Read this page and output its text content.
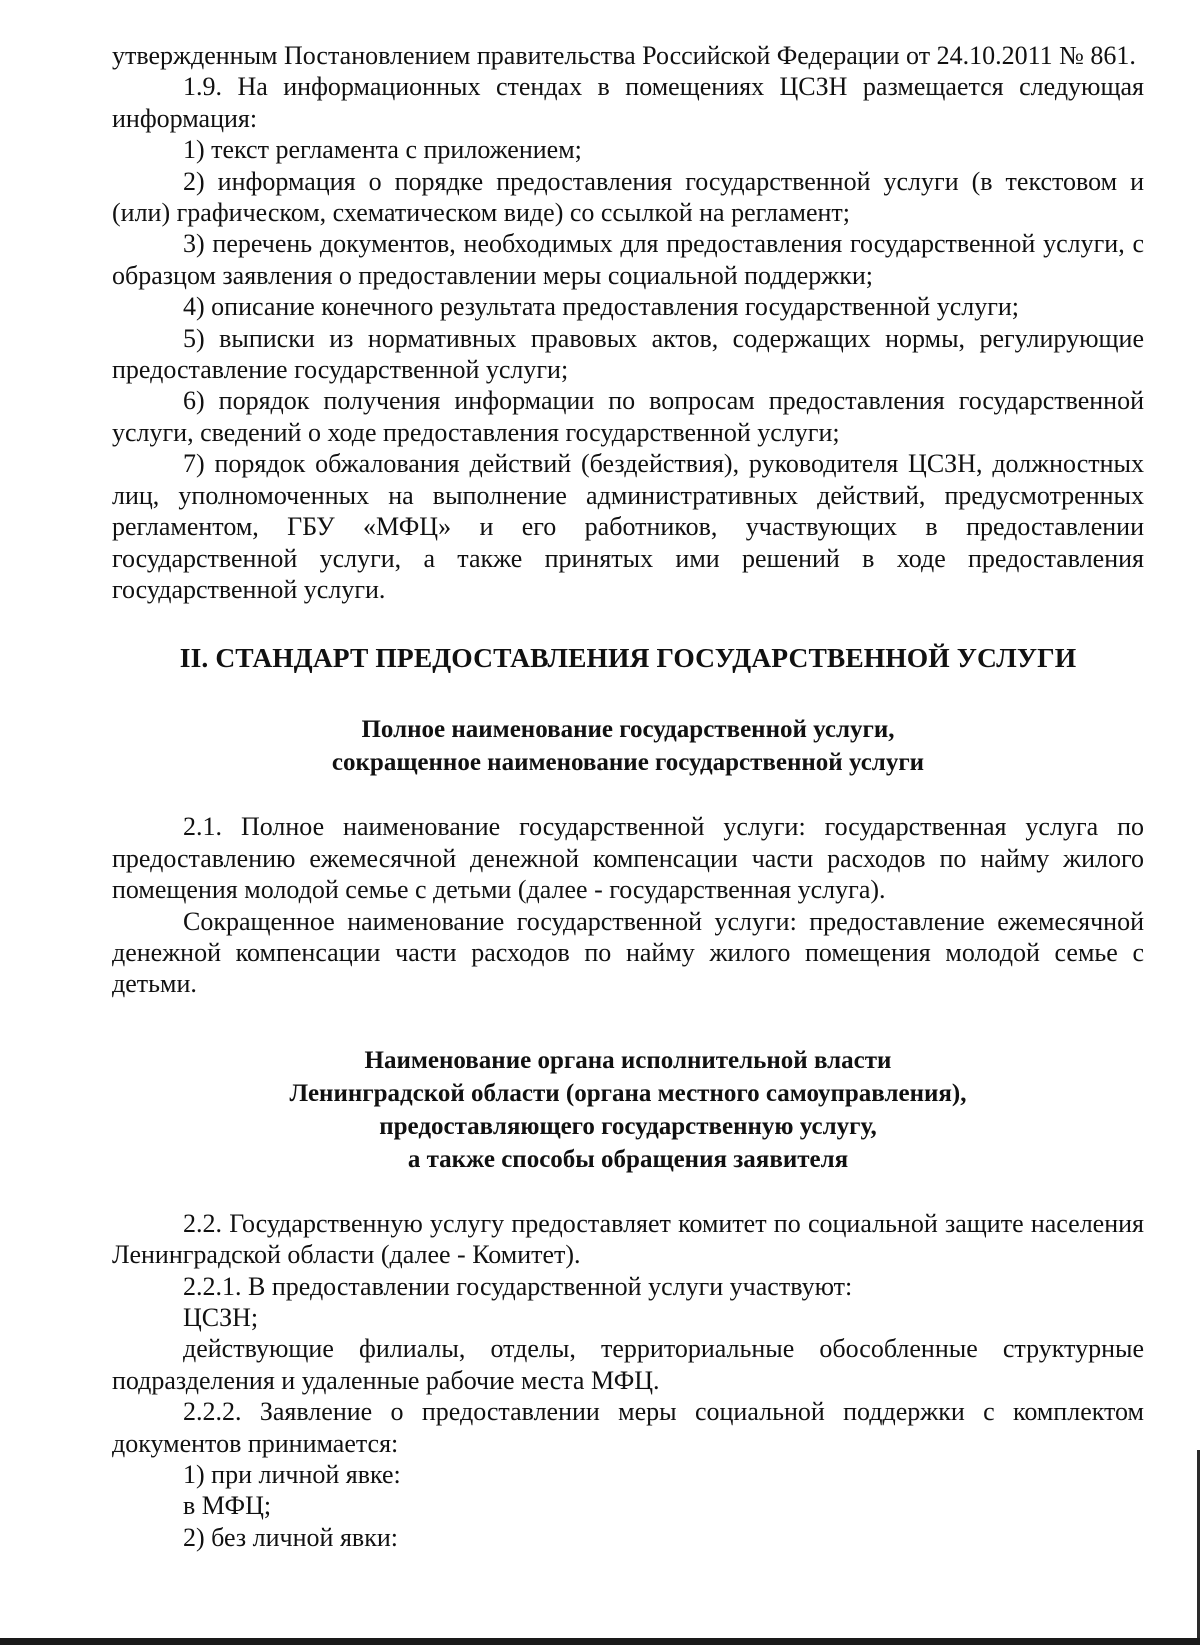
утвержденным Постановлением правительства Российской Федерации от 24.10.2011 № 861.

1.9. На информационных стендах в помещениях ЦСЗН размещается следующая информация:

1) текст регламента с приложением;

2) информация о порядке предоставления государственной услуги (в текстовом и (или) графическом, схематическом виде) со ссылкой на регламент;

3) перечень документов, необходимых для предоставления государственной услуги, с образцом заявления о предоставлении меры социальной поддержки;

4) описание конечного результата предоставления государственной услуги;

5) выписки из нормативных правовых актов, содержащих нормы, регулирующие предоставление государственной услуги;

6) порядок получения информации по вопросам предоставления государственной услуги, сведений о ходе предоставления государственной услуги;

7) порядок обжалования действий (бездействия), руководителя ЦСЗН, должностных лиц, уполномоченных на выполнение административных действий, предусмотренных регламентом, ГБУ «МФЦ» и его работников, участвующих в предоставлении государственной услуги, а также принятых ими решений в ходе предоставления государственной услуги.

II. СТАНДАРТ ПРЕДОСТАВЛЕНИЯ ГОСУДАРСТВЕННОЙ УСЛУГИ
Полное наименование государственной услуги,
сокращенное наименование государственной услуги

2.1. Полное наименование государственной услуги: государственная услуга по предоставлению ежемесячной денежной компенсации части расходов по найму жилого помещения молодой семье с детьми (далее - государственная услуга).

Сокращенное наименование государственной услуги: предоставление ежемесячной денежной компенсации части расходов по найму жилого помещения молодой семье с детьми.

Наименование органа исполнительной власти
Ленинградской области (органа местного самоуправления),
предоставляющего государственную услугу,
а также способы обращения заявителя

2.2. Государственную услугу предоставляет комитет по социальной защите населения Ленинградской области (далее - Комитет).

2.2.1. В предоставлении государственной услуги участвуют:

ЦСЗН;

действующие филиалы, отделы, территориальные обособленные структурные подразделения и удаленные рабочие места МФЦ.

2.2.2. Заявление о предоставлении меры социальной поддержки с комплектом документов принимается:

1) при личной явке:

в МФЦ;

2) без личной явки:
